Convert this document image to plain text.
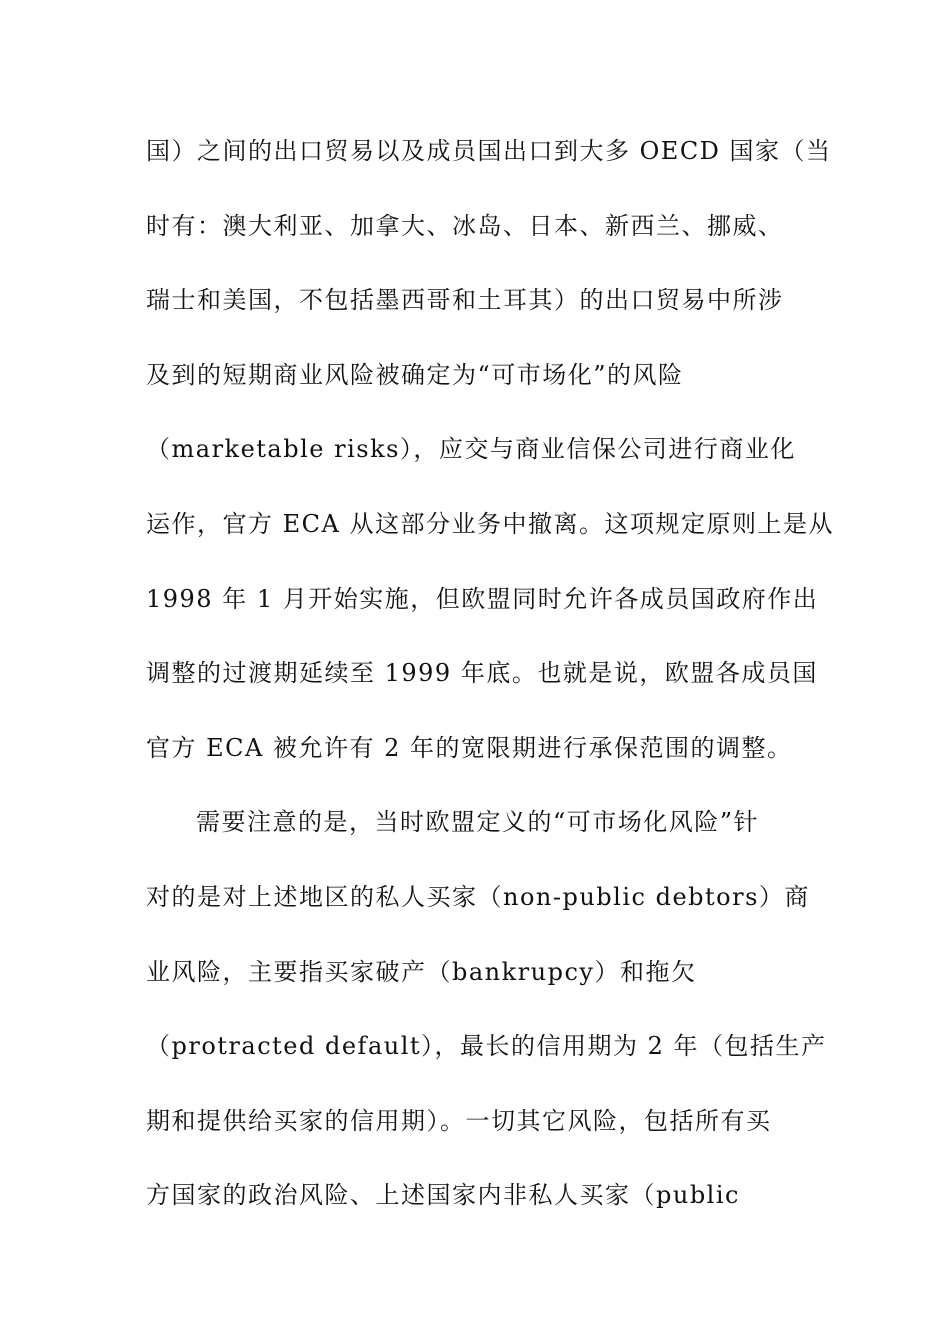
国）之间的出口贸易以及成员国出口到大多 OECD 国家（当
时有：澳大利亚、加拿大、冰岛、日本、新西兰、挪威、
瑞士和美国，不包括墨西哥和土耳其）的出口贸易中所涉
及到的短期商业风险被确定为“可市场化”的风险
（marketable risks），应交与商业信保公司进行商业化
运作，官方 ECA 从这部分业务中撤离。这项规定原则上是从
1998 年 1 月开始实施，但欧盟同时允许各成员国政府作出
调整的过渡期延续至 1999 年底。也就是说，欧盟各成员国
官方 ECA 被允许有 2 年的宽限期进行承保范围的调整。
需要注意的是，当时欧盟定义的“可市场化风险”针
对的是对上述地区的私人买家（non-public debtors）商
业风险，主要指买家破产（bankrupcy）和拖欠
（protracted default），最长的信用期为 2 年（包括生产
期和提供给买家的信用期）。一切其它风险，包括所有买
方国家的政治风险、上述国家内非私人买家（public
